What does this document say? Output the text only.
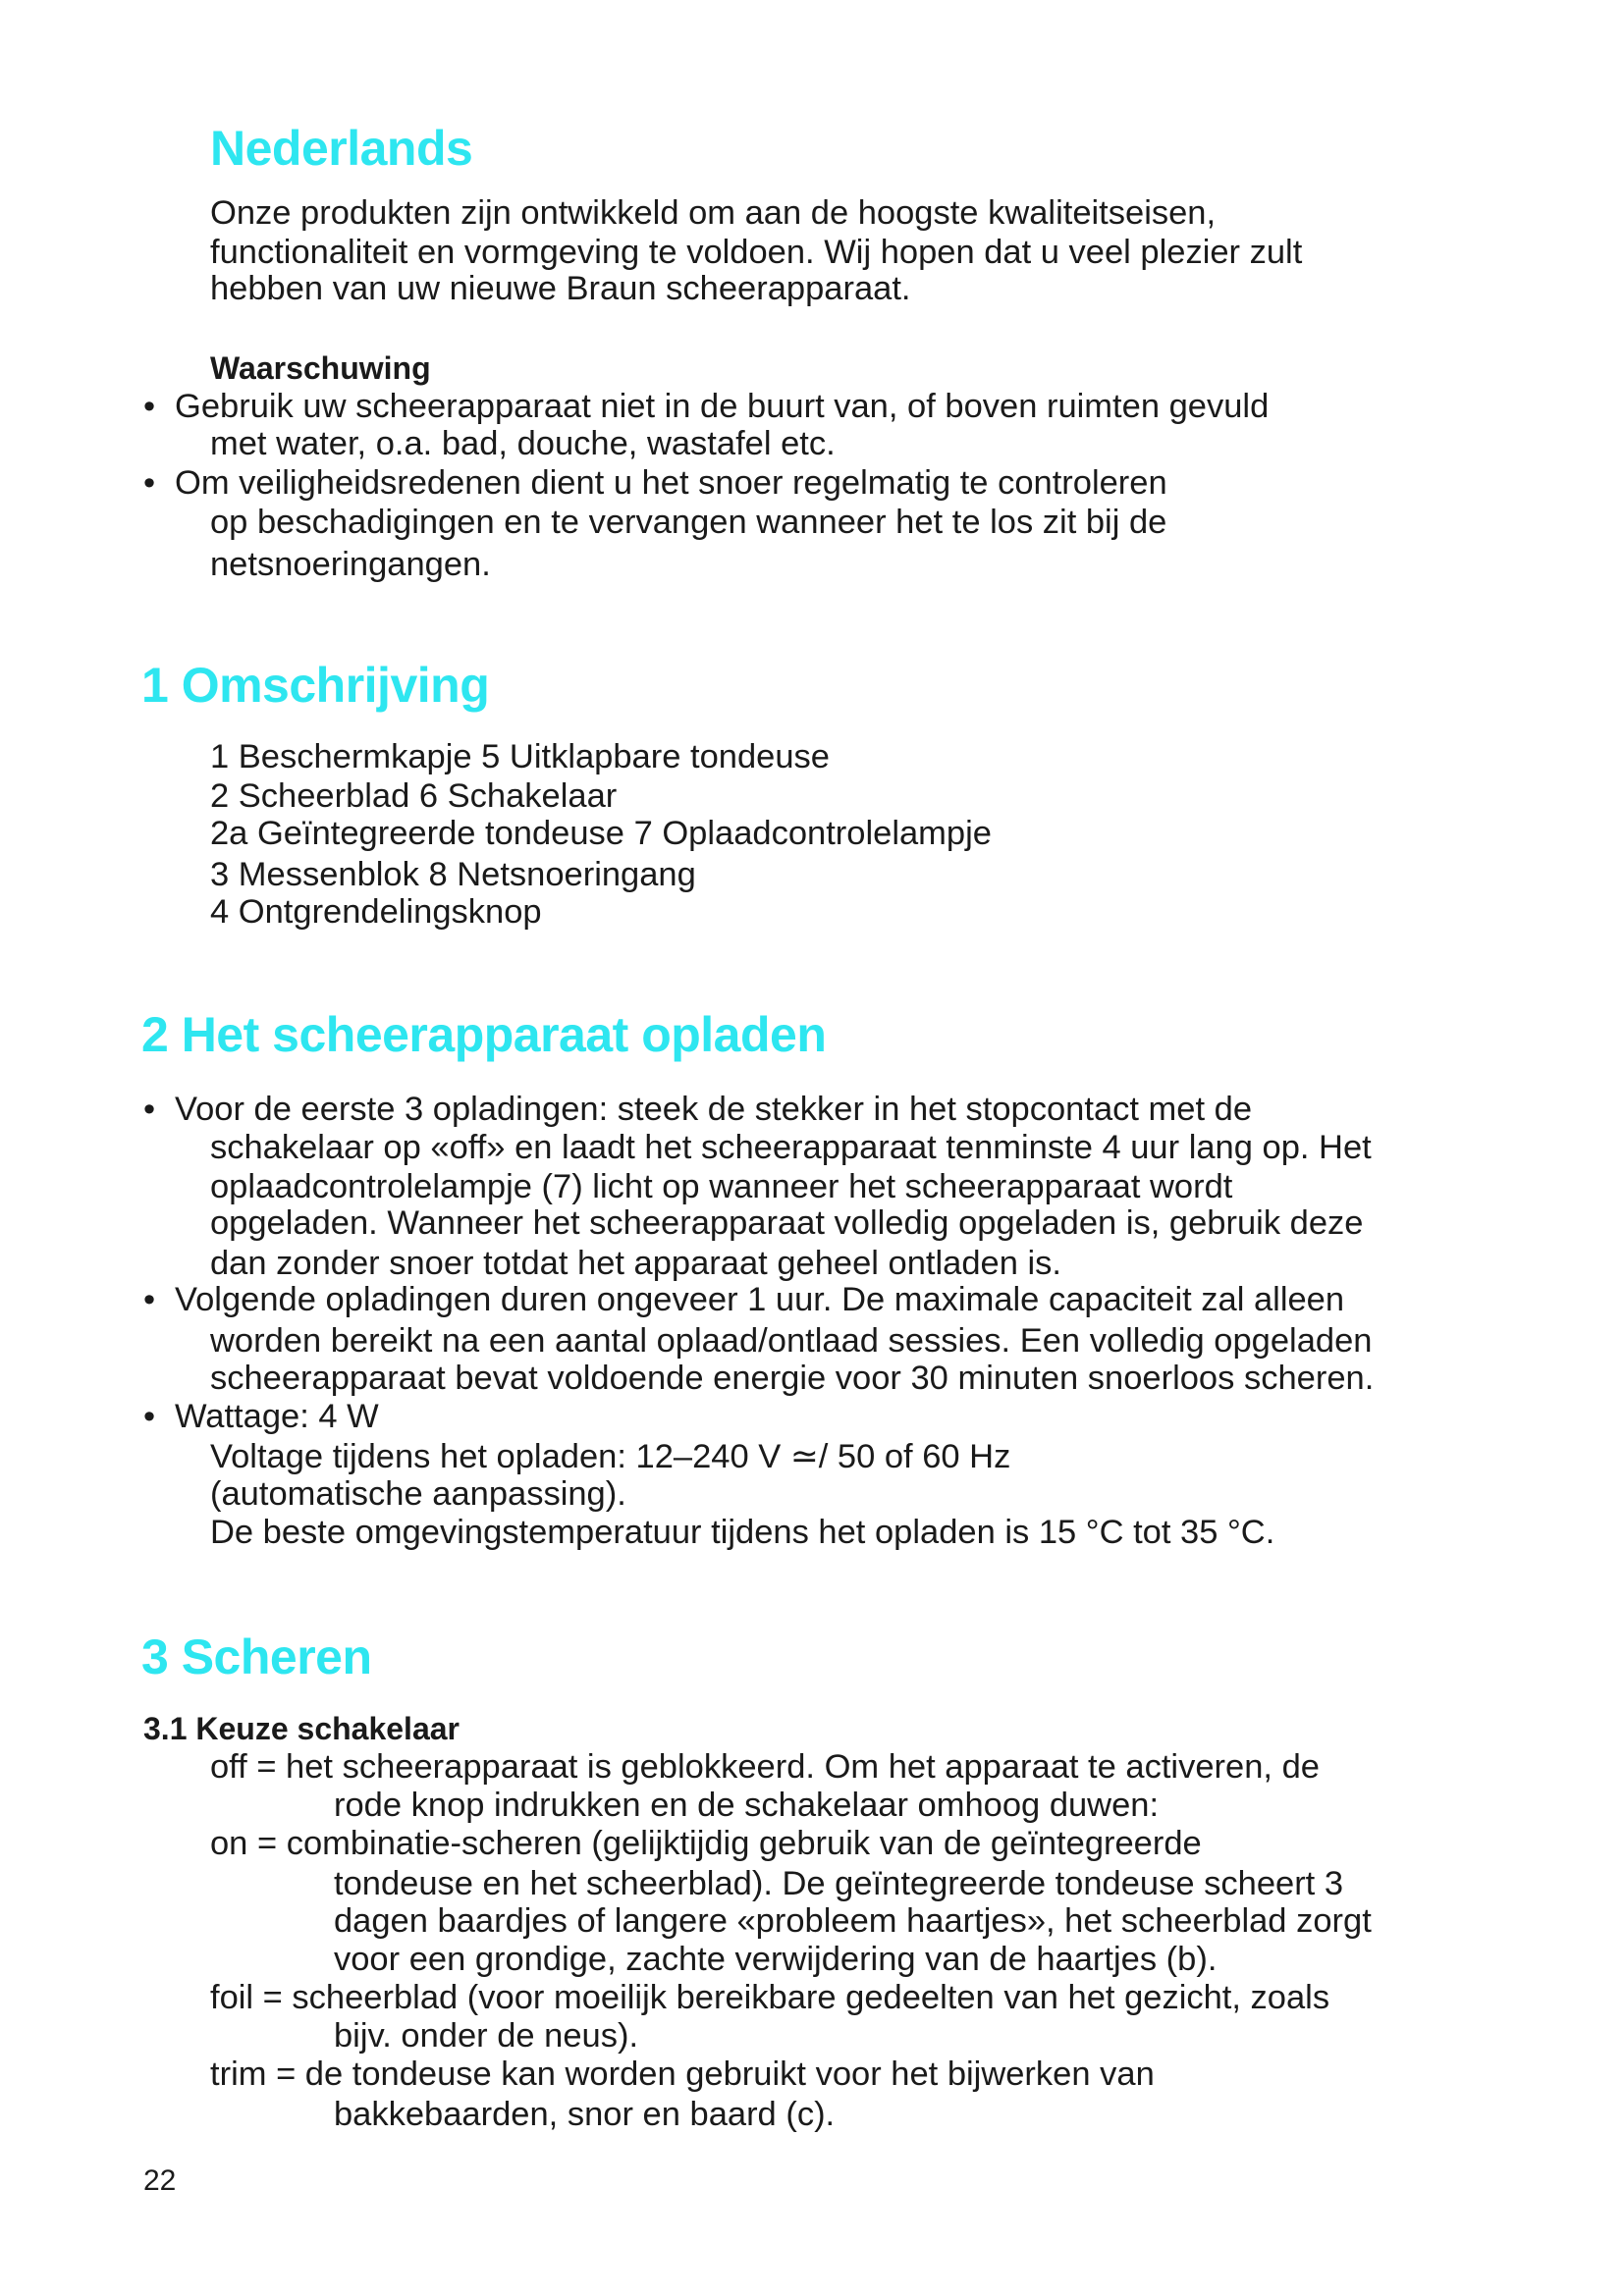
Nederlands
Onze produkten zijn ontwikkeld om aan de hoogste kwaliteitseisen,
functionaliteit en vormgeving te voldoen. Wij hopen dat u veel plezier zult
hebben van uw nieuwe Braun scheerapparaat.
Waarschuwing
• Gebruik uw scheerapparaat niet in de buurt van, of boven ruimten gevuld
met water, o.a. bad, douche, wastafel etc.
• Om veiligheidsredenen dient u het snoer regelmatig te controleren
op beschadigingen en te vervangen wanneer het te los zit bij de
netsnoeringangen.
1 Omschrijving
1 Beschermkapje 5 Uitklapbare tondeuse
2 Scheerblad 6 Schakelaar
2a Geïntegreerde tondeuse 7 Oplaadcontrolelampje
3 Messenblok 8 Netsnoeringang
4 Ontgrendelingsknop
2 Het scheerapparaat opladen
• Voor de eerste 3 opladingen: steek de stekker in het stopcontact met de
schakelaar op «off» en laadt het scheerapparaat tenminste 4 uur lang op. Het
oplaadcontrolelampje (7) licht op wanneer het scheerapparaat wordt
opgeladen. Wanneer het scheerapparaat volledig opgeladen is, gebruik deze
dan zonder snoer totdat het apparaat geheel ontladen is.
• Volgende opladingen duren ongeveer 1 uur. De maximale capaciteit zal alleen
worden bereikt na een aantal oplaad/ontlaad sessies. Een volledig opgeladen
scheerapparaat bevat voldoende energie voor 30 minuten snoerloos scheren.
• Wattage: 4 W
Voltage tijdens het opladen: 12–240 V ≃/ 50 of 60 Hz
(automatische aanpassing).
De beste omgevingstemperatuur tijdens het opladen is 15 °C tot 35 °C.
3 Scheren
3.1 Keuze schakelaar
off = het scheerapparaat is geblokkeerd. Om het apparaat te activeren, de
rode knop indrukken en de schakelaar omhoog duwen:
on = combinatie-scheren (gelijktijdig gebruik van de geïntegreerde
tondeuse en het scheerblad). De geïntegreerde tondeuse scheert 3
dagen baardjes of langere «probleem haartjes», het scheerblad zorgt
voor een grondige, zachte verwijdering van de haartjes (b).
foil = scheerblad (voor moeilijk bereikbare gedeelten van het gezicht, zoals
bijv. onder de neus).
trim = de tondeuse kan worden gebruikt voor het bijwerken van
bakkebaarden, snor en baard (c).
22
